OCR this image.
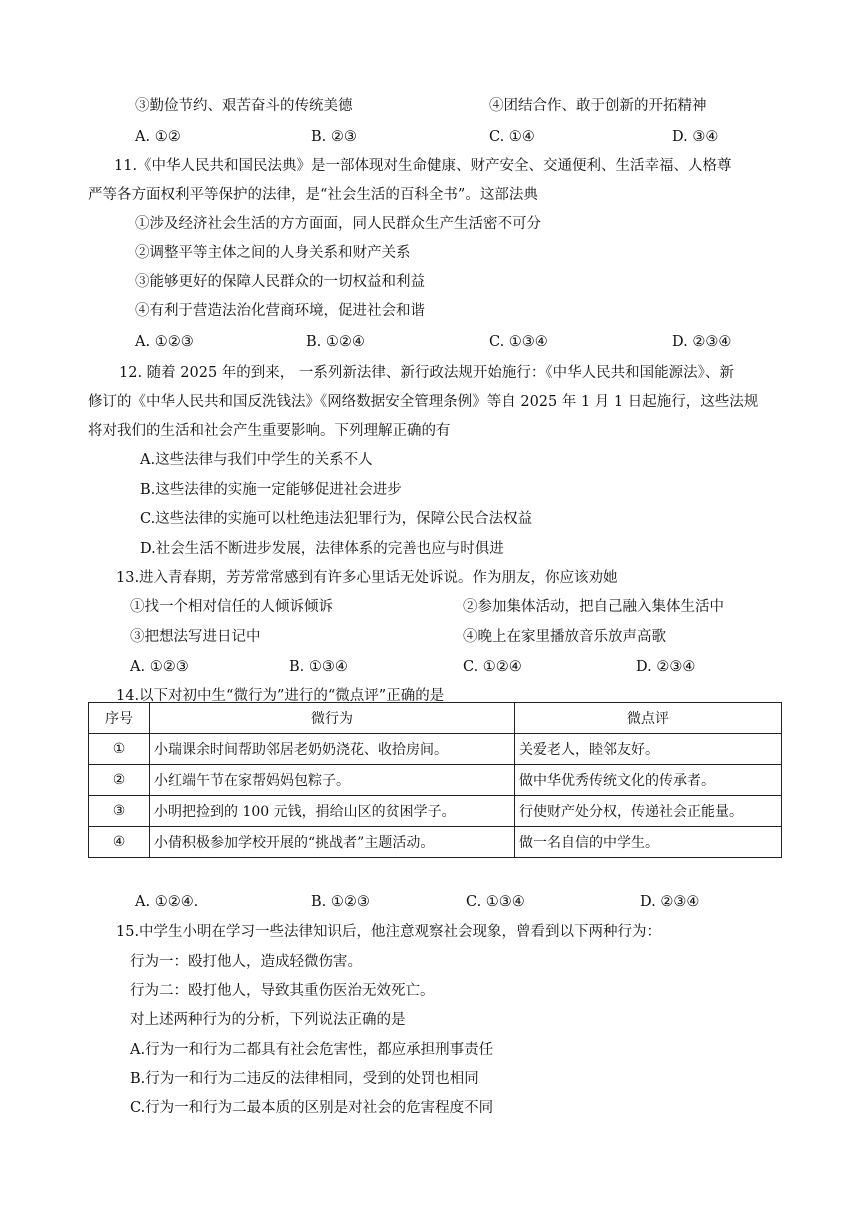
③勤俭节约、艰苦奋斗的传统美德	④团结合作、敢于创新的开拓精神
A. ①②	B. ②③	C. ①④	D. ③④
11.《中华人民共和国民法典》是一部体现对生命健康、财产安全、交通便利、生活幸福、人格尊
严等各方面权利平等保护的法律，是“社会生活的百科全书”。这部法典
①涉及经济社会生活的方方面面，同人民群众生产生活密不可分
②调整平等主体之间的人身关系和财产关系
③能够更好的保障人民群众的一切权益和利益
④有利于营造法治化营商环境，促进社会和谐
A. ①②③	B. ①②④	C. ①③④	D. ②③④
12. 随着 2025 年的到来， 一系列新法律、新行政法规开始施行：《中华人民共和国能源法》、新
修订的《中华人民共和国反洗钱法》《网络数据安全管理条例》等自 2025 年 1 月 1 日起施行，这些法规
将对我们的生活和社会产生重要影响。下列理解正确的有
A.这些法律与我们中学生的关系不人
B.这些法律的实施一定能够促进社会进步
C.这些法律的实施可以杜绝违法犯罪行为，保障公民合法权益
D.社会生活不断进步发展，法律体系的完善也应与时俱进
13.进入青春期，芳芳常常感到有许多心里话无处诉说。作为朋友，你应该劝她
①找一个相对信任的人倾诉倾诉	②参加集体活动，把自己融入集体生活中
③把想法写进日记中	④晚上在家里播放音乐放声高歌
A. ①②③	B. ①③④	C. ①②④	D. ②③④
14.以下对初中生“微行为”进行的“微点评”正确的是
序号	微行为	微点评
①	小瑞课余时间帮助邻居老奶奶浇花、收拾房间。	关爱老人，睦邻友好。
②	小红端午节在家帮妈妈包粽子。	做中华优秀传统文化的传承者。
③	小明把捡到的 100 元钱，捐给山区的贫困学子。	行使财产处分权，传递社会正能量。
④	小倩积极参加学校开展的“挑战者”主题活动。	做一名自信的中学生。
A. ①②④.	B. ①②③	C. ①③④	D. ②③④
15.中学生小明在学习一些法律知识后，他注意观察社会现象，曾看到以下两种行为：
行为一：殴打他人，造成轻微伤害。
行为二：殴打他人，导致其重伤医治无效死亡。
对上述两种行为的分析，下列说法正确的是
A.行为一和行为二都具有社会危害性，都应承担刑事责任
B.行为一和行为二违反的法律相同，受到的处罚也相同
C.行为一和行为二最本质的区别是对社会的危害程度不同
